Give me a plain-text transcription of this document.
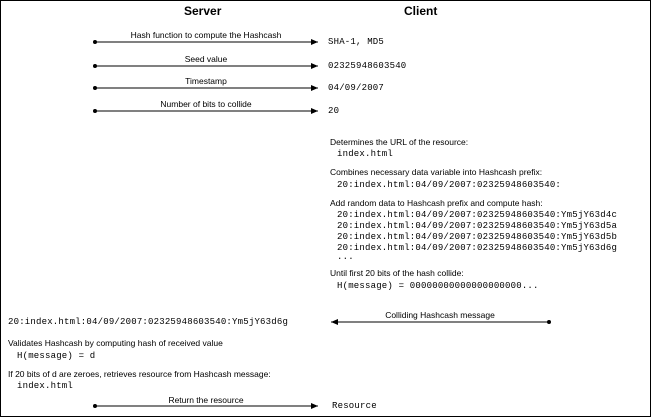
Server	Client
Hash function to compute the Hashcash
Seed value
Timestamp
Number of bits to collide
SHA-1, MD5
02325948603540
04/09/2007
20
Determines the URL of the resource:
index.html
Combines necessary data variable into Hashcash prefix:
20:index.html:04/09/2007:02325948603540:
Add random data to Hashcash prefix and compute hash:
20:index.html:04/09/2007:02325948603540:Ym5jY63d4c
20:index.html:04/09/2007:02325948603540:Ym5jY63d5a
20:index.html:04/09/2007:02325948603540:Ym5jY63d5b
20:index.html:04/09/2007:02325948603540:Ym5jY63d6g
...
Until first 20 bits of the hash collide:
H(message) = 00000000000000000000...
Colliding Hashcash message
20:index.html:04/09/2007:02325948603540:Ym5jY63d6g
Validates Hashcash by computing hash of received value
H(message) = d
If 20 bits of d are zeroes, retrieves resource from Hashcash message:
index.html
Return the resource
Resource
